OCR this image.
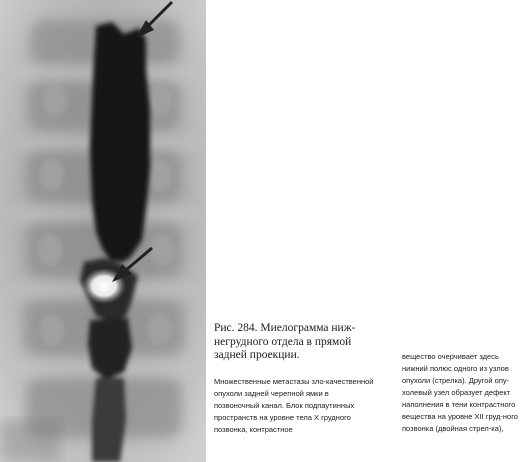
Рис. 284. Миелограмма ниж-негрудного отдела в прямой задней проекции.

Множественные метастазы зло-качественной опухоли задней черепной ямки в позвоночный канал. Блок подпаутинных пространств на уровне тела X грудного позвонка, контрастное

вещество очерчивает здесь нижний полюс одного из узлов опухоли (стрелка). Другой опу-холевый узел образует дефект наполнения в тени контрастного вещества на уровне XII груд-ного позвонка (двойная стрел-ка),
